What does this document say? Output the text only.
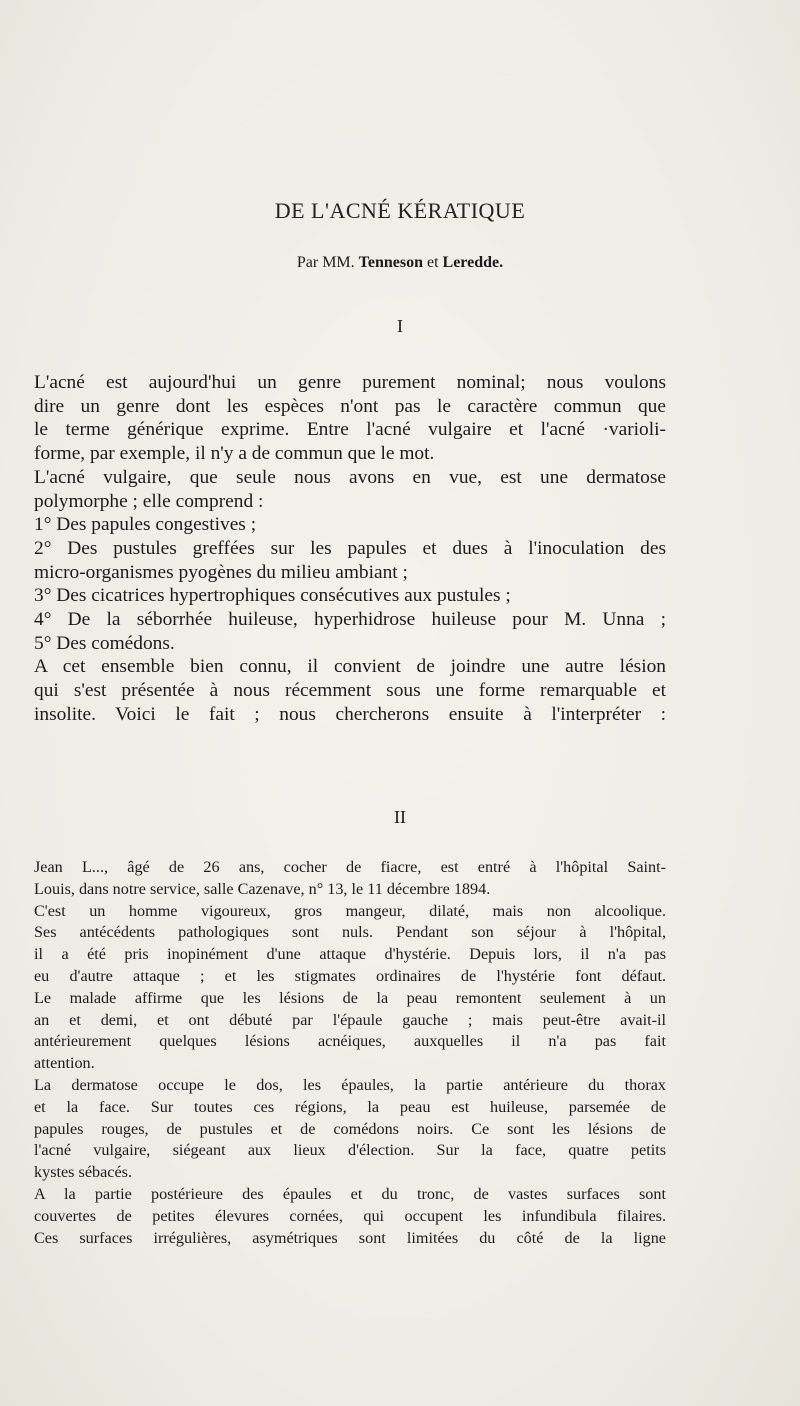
DE L'ACNÉ KÉRATIQUE
Par MM. Tenneson et Leredde.
I
L'acné est aujourd'hui un genre purement nominal; nous voulons
dire un genre dont les espèces n'ont pas le caractère commun que
le terme générique exprime. Entre l'acné vulgaire et l'acné ·varioli-
forme, par exemple, il n'y a de commun que le mot.
L'acné vulgaire, que seule nous avons en vue, est une dermatose
polymorphe ; elle comprend :
1° Des papules congestives ;
2° Des pustules greffées sur les papules et dues à l'inoculation des
micro-organismes pyogènes du milieu ambiant ;
3° Des cicatrices hypertrophiques consécutives aux pustules ;
4° De la séborrhée huileuse, hyperhidrose huileuse pour M. Unna ;
5° Des comédons.
A cet ensemble bien connu, il convient de joindre une autre lésion
qui s'est présentée à nous récemment sous une forme remarquable et
insolite. Voici le fait ; nous chercherons ensuite à l'interpréter :
II
Jean L..., âgé de 26 ans, cocher de fiacre, est entré à l'hôpital Saint-
Louis, dans notre service, salle Cazenave, n° 13, le 11 décembre 1894.
C'est un homme vigoureux, gros mangeur, dilaté, mais non alcoolique.
Ses antécédents pathologiques sont nuls. Pendant son séjour à l'hôpital,
il a été pris inopinément d'une attaque d'hystérie. Depuis lors, il n'a pas
eu d'autre attaque ; et les stigmates ordinaires de l'hystérie font défaut.
Le malade affirme que les lésions de la peau remontent seulement à un
an et demi, et ont débuté par l'épaule gauche ; mais peut-être avait-il
antérieurement quelques lésions acnéiques, auxquelles il n'a pas fait
attention.
La dermatose occupe le dos, les épaules, la partie antérieure du thorax
et la face. Sur toutes ces régions, la peau est huileuse, parsemée de
papules rouges, de pustules et de comédons noirs. Ce sont les lésions de
l'acné vulgaire, siégeant aux lieux d'élection. Sur la face, quatre petits
kystes sébacés.
A la partie postérieure des épaules et du tronc, de vastes surfaces sont
couvertes de petites élevures cornées, qui occupent les infundibula filaires.
Ces surfaces irrégulières, asymétriques sont limitées du côté de la ligne
